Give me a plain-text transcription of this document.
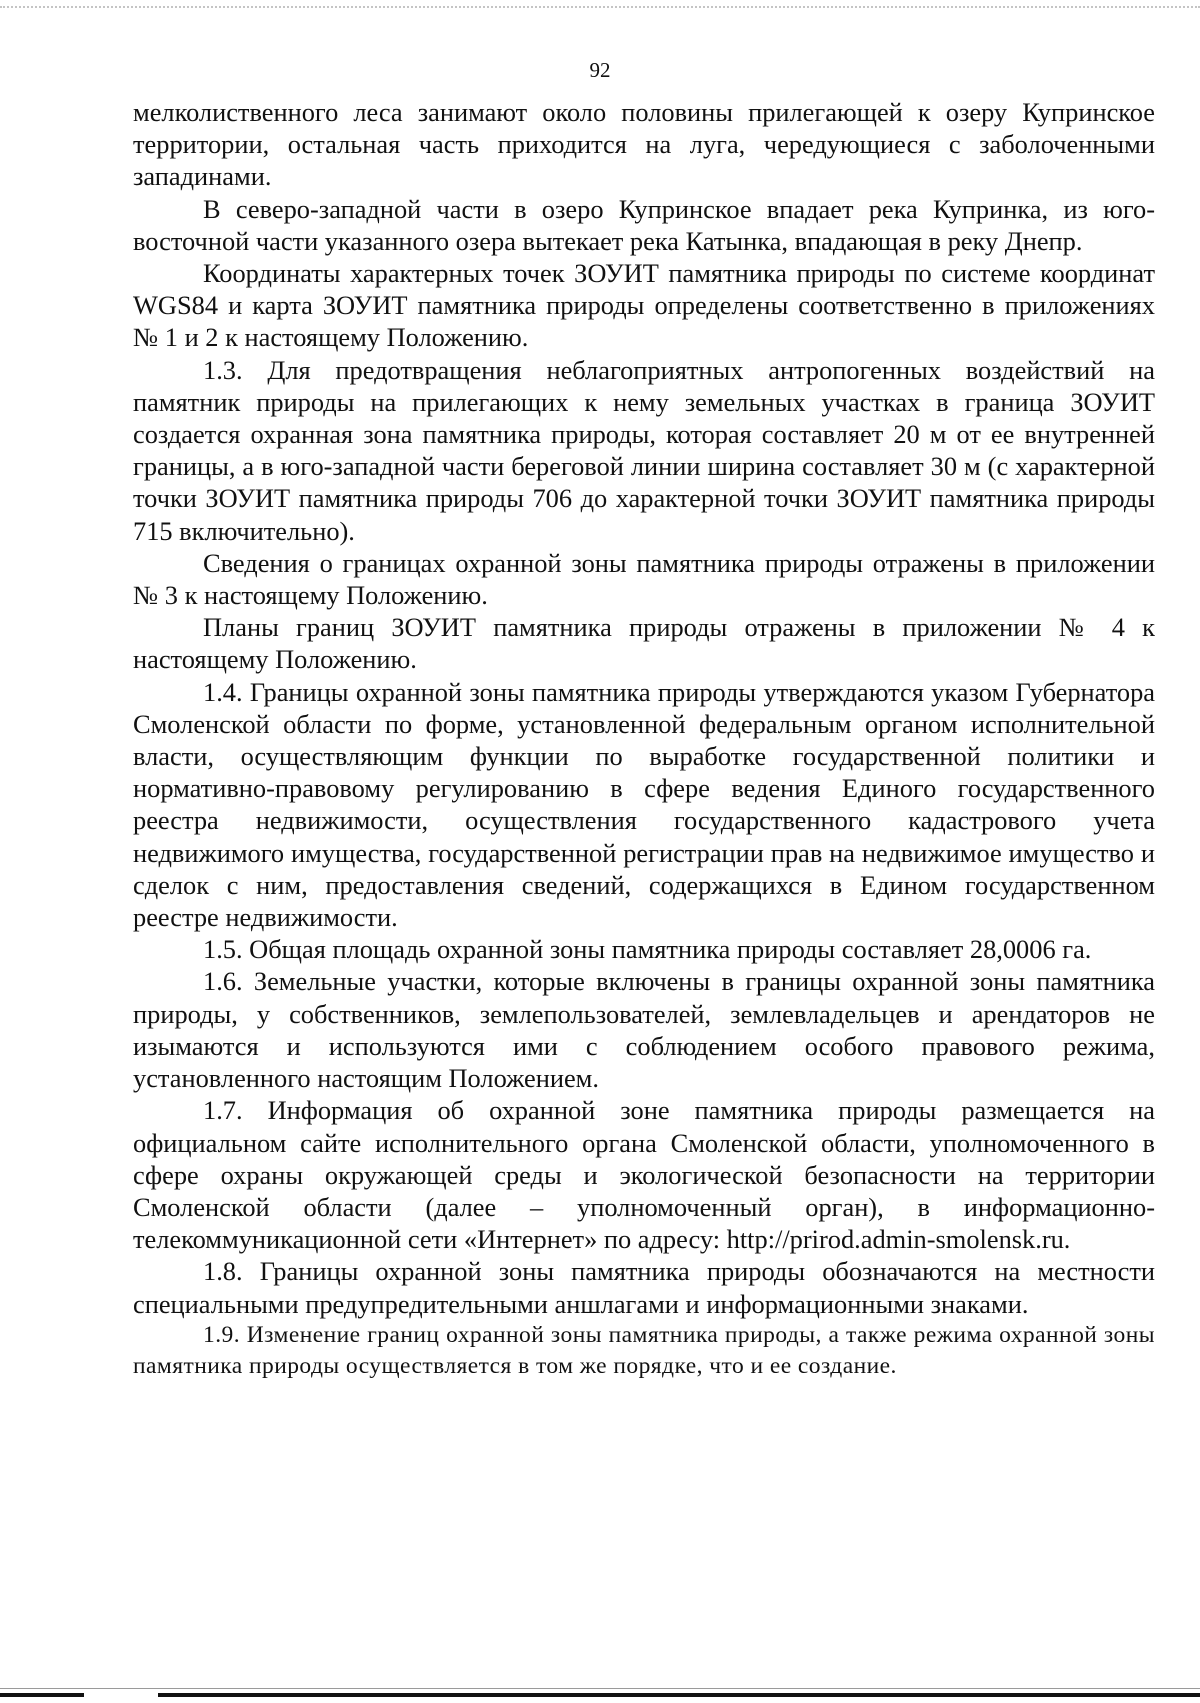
92

мелколиственного леса занимают около половины прилегающей к озеру Купринское территории, остальная часть приходится на луга, чередующиеся с заболоченными западинами.

В северо-западной части в озеро Купринское впадает река Купринка, из юго-восточной части указанного озера вытекает река Катынка, впадающая в реку Днепр.

Координаты характерных точек ЗОУИТ памятника природы по системе координат WGS84 и карта ЗОУИТ памятника природы определены соответственно в приложениях № 1 и 2 к настоящему Положению.

1.3. Для предотвращения неблагоприятных антропогенных воздействий на памятник природы на прилегающих к нему земельных участках в граница ЗОУИТ создается охранная зона памятника природы, которая составляет 20 м от ее внутренней границы, а в юго-западной части береговой линии ширина составляет 30 м (с характерной точки ЗОУИТ памятника природы 706 до характерной точки ЗОУИТ памятника природы 715 включительно).

Сведения о границах охранной зоны памятника природы отражены в приложении № 3 к настоящему Положению.

Планы границ ЗОУИТ памятника природы отражены в приложении № 4 к настоящему Положению.

1.4. Границы охранной зоны памятника природы утверждаются указом Губернатора Смоленской области по форме, установленной федеральным органом исполнительной власти, осуществляющим функции по выработке государственной политики и нормативно-правовому регулированию в сфере ведения Единого государственного реестра недвижимости, осуществления государственного кадастрового учета недвижимого имущества, государственной регистрации прав на недвижимое имущество и сделок с ним, предоставления сведений, содержащихся в Едином государственном реестре недвижимости.

1.5. Общая площадь охранной зоны памятника природы составляет 28,0006 га.

1.6. Земельные участки, которые включены в границы охранной зоны памятника природы, у собственников, землепользователей, землевладельцев и арендаторов не изымаются и используются ими с соблюдением особого правового режима, установленного настоящим Положением.

1.7. Информация об охранной зоне памятника природы размещается на официальном сайте исполнительного органа Смоленской области, уполномоченного в сфере охраны окружающей среды и экологической безопасности на территории Смоленской области (далее – уполномоченный орган), в информационно-телекоммуникационной сети «Интернет» по адресу: http://prirod.admin-smolensk.ru.

1.8. Границы охранной зоны памятника природы обозначаются на местности специальными предупредительными аншлагами и информационными знаками.

1.9. Изменение границ охранной зоны памятника природы, а также режима охранной зоны памятника природы осуществляется в том же порядке, что и ее создание.
